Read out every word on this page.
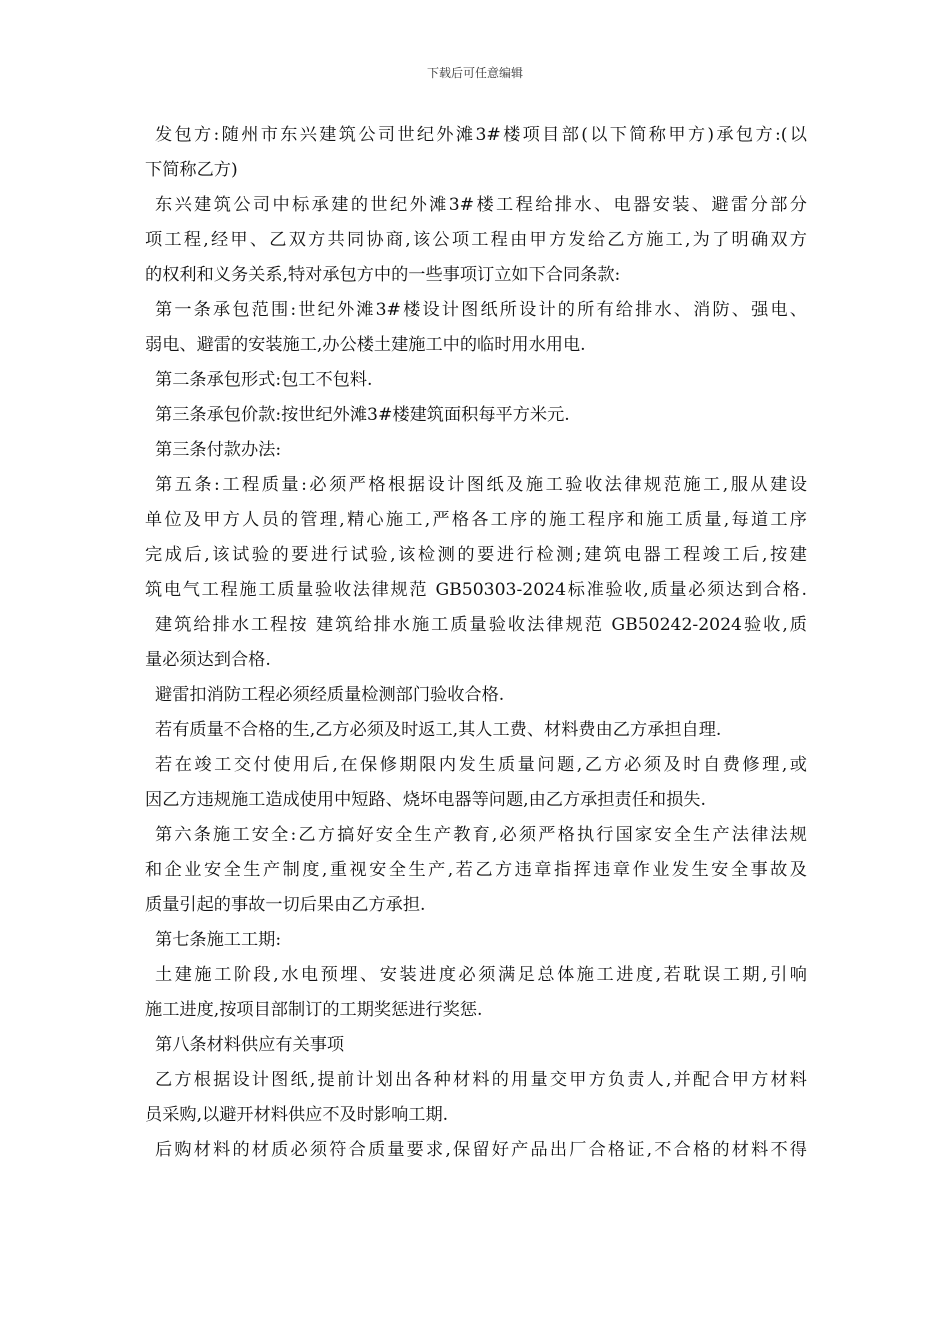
下载后可任意编辑
发包方:随州市东兴建筑公司世纪外滩3#楼项目部(以下简称甲方)承包方:(以
下简称乙方)
东兴建筑公司中标承建的世纪外滩3#楼工程给排水、电器安装、避雷分部分
项工程,经甲、乙双方共同协商,该公项工程由甲方发给乙方施工,为了明确双方
的权利和义务关系,特对承包方中的一些事项订立如下合同条款:
第一条承包范围:世纪外滩3#楼设计图纸所设计的所有给排水、消防、强电、
弱电、避雷的安装施工,办公楼土建施工中的临时用水用电.
第二条承包形式:包工不包料.
第三条承包价款:按世纪外滩3#楼建筑面积每平方米元.
第三条付款办法:
第五条:工程质量:必须严格根据设计图纸及施工验收法律规范施工,服从建设
单位及甲方人员的管理,精心施工,严格各工序的施工程序和施工质量,每道工序
完成后,该试验的要进行试验,该检测的要进行检测;建筑电器工程竣工后,按建
筑电气工程施工质量验收法律规范 GB50303-2024标准验收,质量必须达到合格.
建筑给排水工程按 建筑给排水施工质量验收法律规范 GB50242-2024验收,质
量必须达到合格.
避雷扣消防工程必须经质量检测部门验收合格.
若有质量不合格的生,乙方必须及时返工,其人工费、材料费由乙方承担自理.
若在竣工交付使用后,在保修期限内发生质量问题,乙方必须及时自费修理,或
因乙方违规施工造成使用中短路、烧坏电器等问题,由乙方承担责任和损失.
第六条施工安全:乙方搞好安全生产教育,必须严格执行国家安全生产法律法规
和企业安全生产制度,重视安全生产,若乙方违章指挥违章作业发生安全事故及
质量引起的事故一切后果由乙方承担.
第七条施工工期:
土建施工阶段,水电预埋、安装进度必须满足总体施工进度,若耽误工期,引响
施工进度,按项目部制订的工期奖惩进行奖惩.
第八条材料供应有关事项
乙方根据设计图纸,提前计划出各种材料的用量交甲方负责人,并配合甲方材料
员采购,以避开材料供应不及时影响工期.
后购材料的材质必须符合质量要求,保留好产品出厂合格证,不合格的材料不得
